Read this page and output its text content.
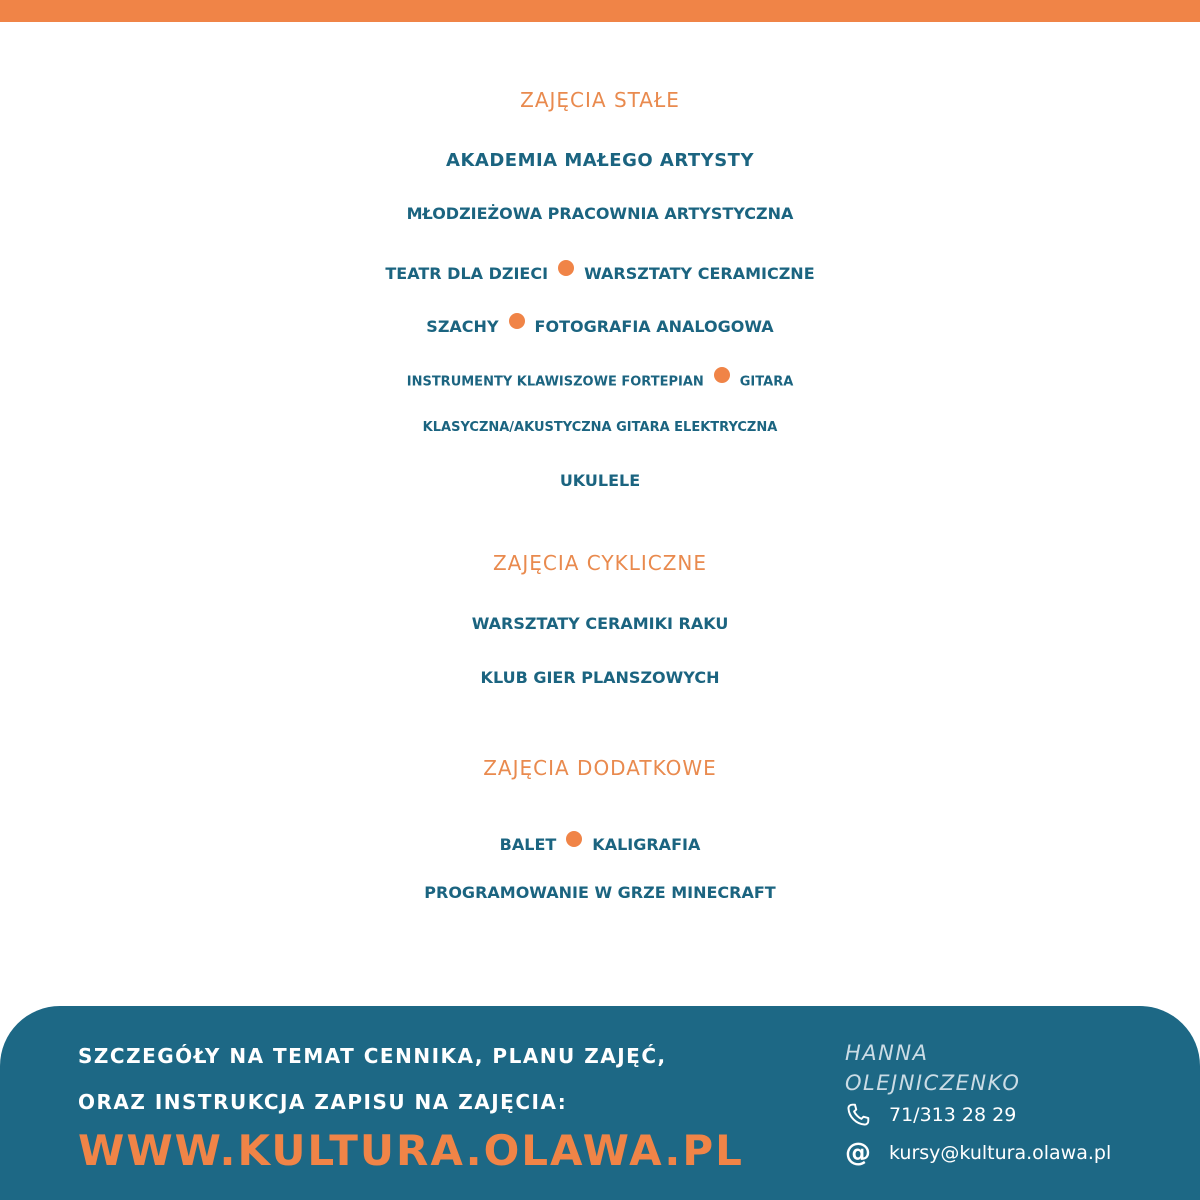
ZAJĘCIA STAŁE
AKADEMIA MAŁEGO ARTYSTY
MŁODZIEŻOWA PRACOWNIA ARTYSTYCZNA
TEATR DLA DZIECI WARSZTATY CERAMICZNE
SZACHY FOTOGRAFIA ANALOGOWA
INSTRUMENTY KLAWISZOWE FORTEPIAN	GITARA
KLASYCZNA/AKUSTYCZNA GITARA ELEKTRYCZNA
UKULELE
ZAJĘCIA CYKLICZNE
WARSZTATY CERAMIKI RAKU
KLUB GIER PLANSZOWYCH
ZAJĘCIA DODATKOWE
BALET KALIGRAFIA
PROGRAMOWANIE W GRZE MINECRAFT
SZCZEGÓŁY NA TEMAT CENNIKA, PLANU ZAJĘĆ,
ORAZ INSTRUKCJA ZAPISU NA ZAJĘCIA:
WWW.KULTURA.OLAWA.PL
HANNA
OLEJNICZENKO
71/313 28 29
@ kursy@kultura.olawa.pl
